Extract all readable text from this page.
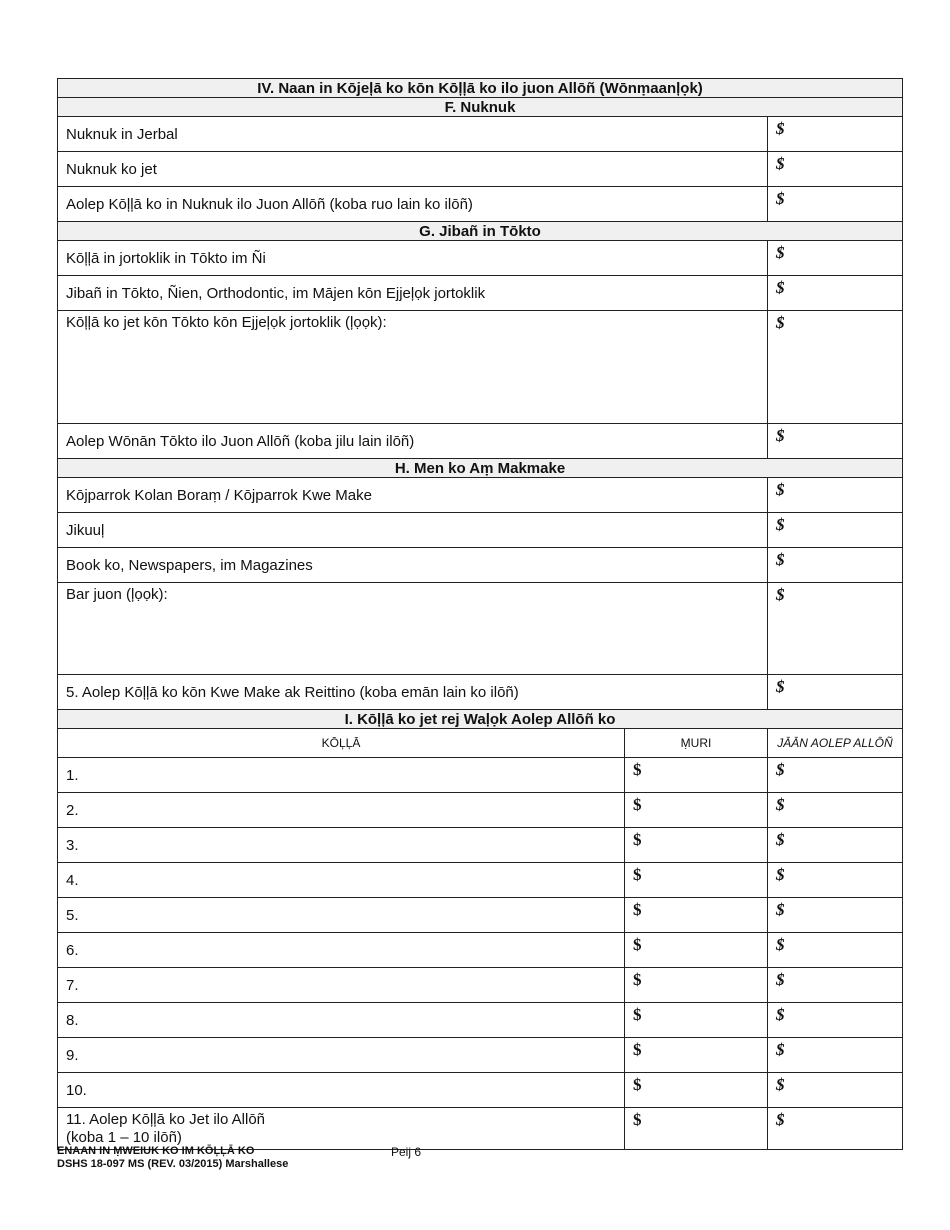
IV. Naan in Kōjeļā ko kōn Kōļļā ko ilo juon Allōñ (Wōnṃaanļọk)
F. Nuknuk
Nuknuk in Jerbal	$
Nuknuk ko jet	$
Aolep Kōļļā ko in Nuknuk ilo Juon Allōñ (koba ruo lain ko ilōñ)	$
G. Jibañ in Tōkto
Kōļļā in jortoklik in Tōkto im Ñi	$
Jibañ in Tōkto, Ñien, Orthodontic, im Mājen kōn Ejjeļọk jortoklik	$
Kōļļā ko jet kōn Tōkto kōn Ejjeļọk jortoklik (ļọọk):	$
Aolep Wōnān Tōkto ilo Juon Allōñ (koba jilu lain ilōñ)	$
H. Men ko Aṃ Makmake
Kōjparrok Kolan Boraṃ / Kōjparrok Kwe Make	$
Jikuuļ	$
Book ko, Newspapers, im Magazines	$
Bar juon (ļọọk):	$
5. Aolep Kōļļā ko kōn Kwe Make ak Reittino (koba emān lain ko ilōñ)	$
I. Kōļļā ko jet rej Waļọk Aolep Allōñ ko
KŌĻĻĀ	ṂURI	JĀĀN AOLEP ALLŌÑ
1.	$	$
2.	$	$
3.	$	$
4.	$	$
5.	$	$
6.	$	$
7.	$	$
8.	$	$
9.	$	$
10.	$	$
11. Aolep Kōļļā ko Jet ilo Allōñ
(koba 1 – 10 ilōñ)
$	$
ENAAN IN ṂWEIUK KO IM KŌĻĻĀ KO
DSHS 18-097 MS (REV. 03/2015) Marshallese
Peij 6
